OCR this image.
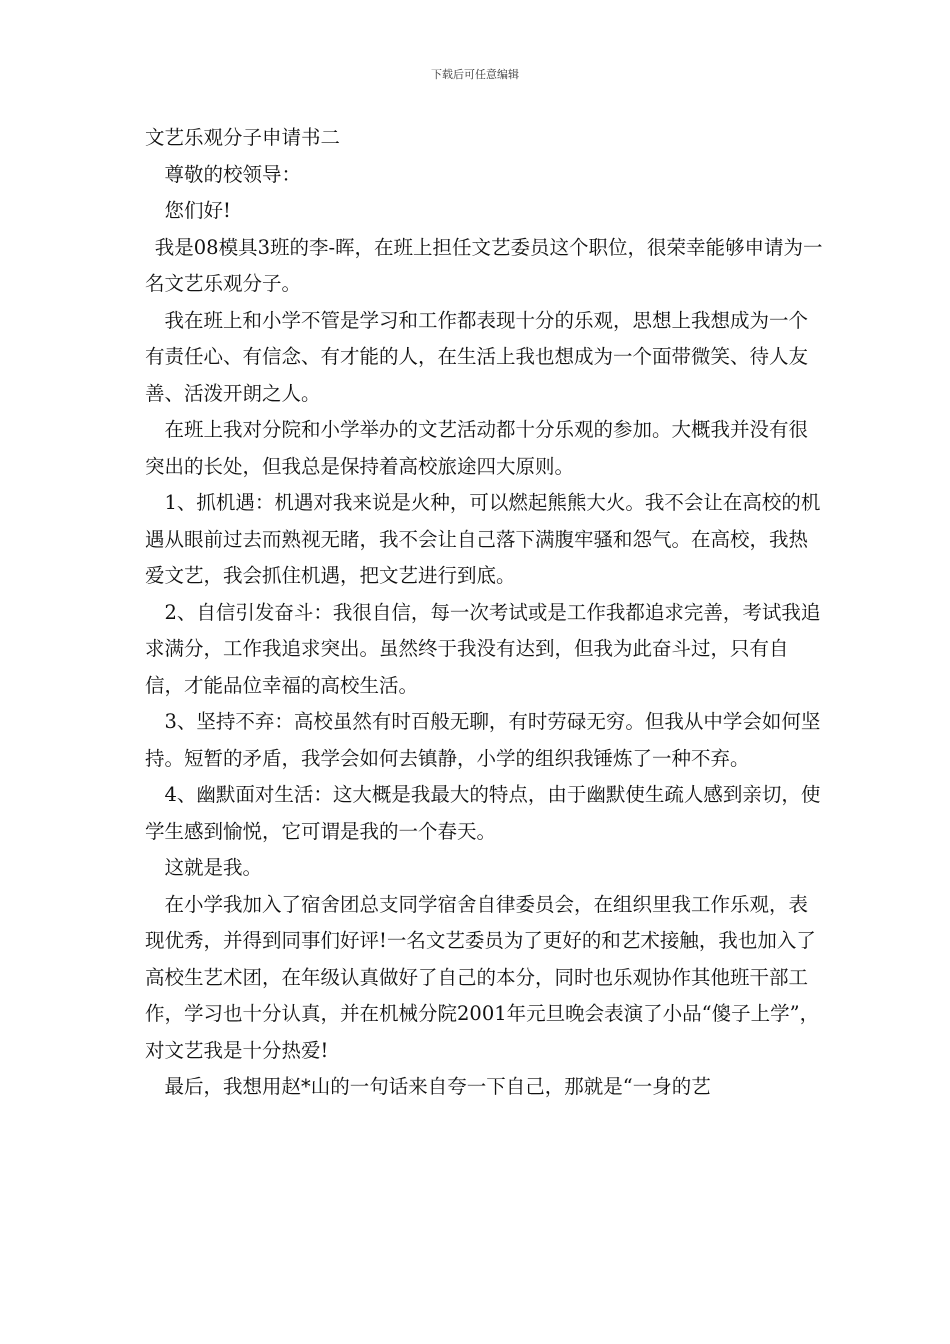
下载后可任意编辑

文艺乐观分子申请书二

尊敬的校领导：

您们好!

我是08模具3班的李-晖，在班上担任文艺委员这个职位，很荣幸能够申请为一名文艺乐观分子。

我在班上和小学不管是学习和工作都表现十分的乐观，思想上我想成为一个有责任心、有信念、有才能的人，在生活上我也想成为一个面带微笑、待人友善、活泼开朗之人。

在班上我对分院和小学举办的文艺活动都十分乐观的参加。大概我并没有很突出的长处，但我总是保持着高校旅途四大原则。

1、抓机遇：机遇对我来说是火种，可以燃起熊熊大火。我不会让在高校的机遇从眼前过去而熟视无睹，我不会让自己落下满腹牢骚和怨气。在高校，我热爱文艺，我会抓住机遇，把文艺进行到底。

2、自信引发奋斗：我很自信，每一次考试或是工作我都追求完善，考试我追求满分，工作我追求突出。虽然终于我没有达到，但我为此奋斗过，只有自信，才能品位幸福的高校生活。

3、坚持不弃：高校虽然有时百般无聊，有时劳碌无穷。但我从中学会如何坚持。短暂的矛盾，我学会如何去镇静，小学的组织我锤炼了一种不弃。

4、幽默面对生活：这大概是我最大的特点，由于幽默使生疏人感到亲切，使学生感到愉悦，它可谓是我的一个春天。

这就是我。

在小学我加入了宿舍团总支同学宿舍自律委员会，在组织里我工作乐观，表现优秀，并得到同事们好评!一名文艺委员为了更好的和艺术接触，我也加入了高校生艺术团，在年级认真做好了自己的本分，同时也乐观协作其他班干部工作，学习也十分认真，并在机械分院2001年元旦晚会表演了小品“傻子上学”，对文艺我是十分热爱!

最后，我想用赵*山的一句话来自夸一下自己，那就是“一身的艺
